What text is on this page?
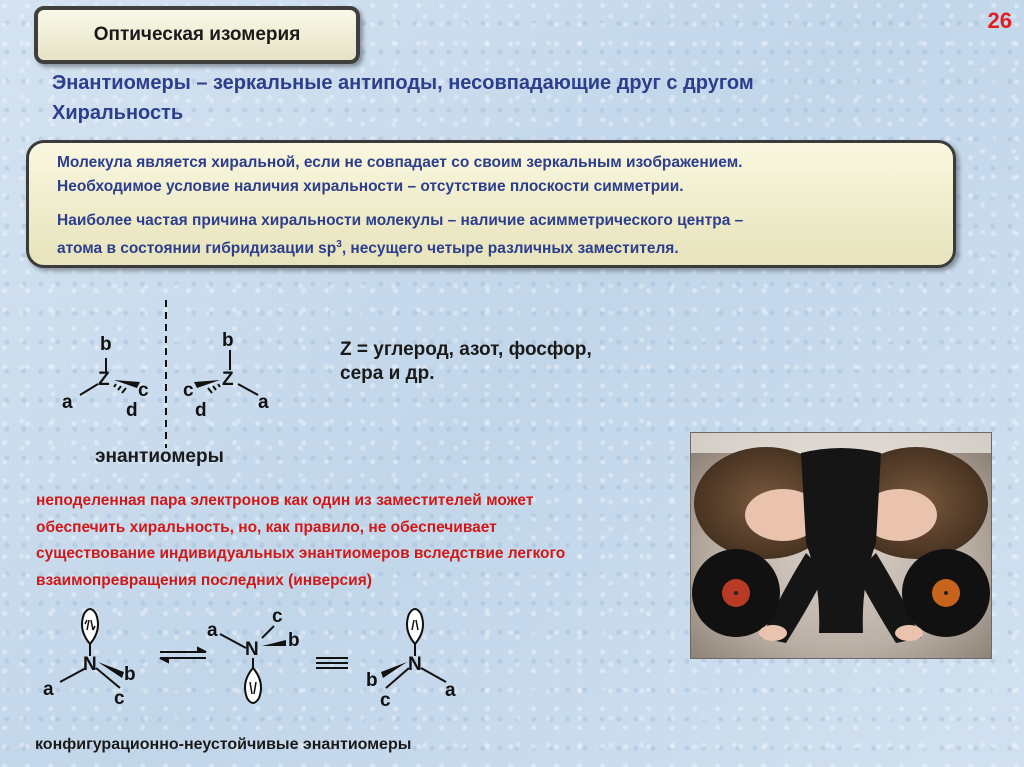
Оптическая изомерия
26
Энантиомеры – зеркальные антиподы, несовпадающие друг с другом
Хиральность

Молекула является хиральной, если не совпадает со своим зеркальным изображением.

Необходимое условие наличия хиральности – отсутствие плоскости симметрии.

Наиболее частая причина хиральности молекулы – наличие асимметрического центра –

атома в состоянии гибридизации $sp^3$, несущего четыре различных заместителя.

b
Z
a
c
d
b
Z
c
a
d
энантиомеры
Z = углерод, азот, фосфор,
сера и др.
неподеленная пара электронов как один из заместителей может
обеспечить хиральность, но, как правило, не обеспечивает
существование индивидуальных энантиомеров вследствие легкого
взаимопревращения последних (инверсия)
N
a
b
c
N
a
c
b
N
b
c	a
конфигурационно-неустойчивые энантиомеры
